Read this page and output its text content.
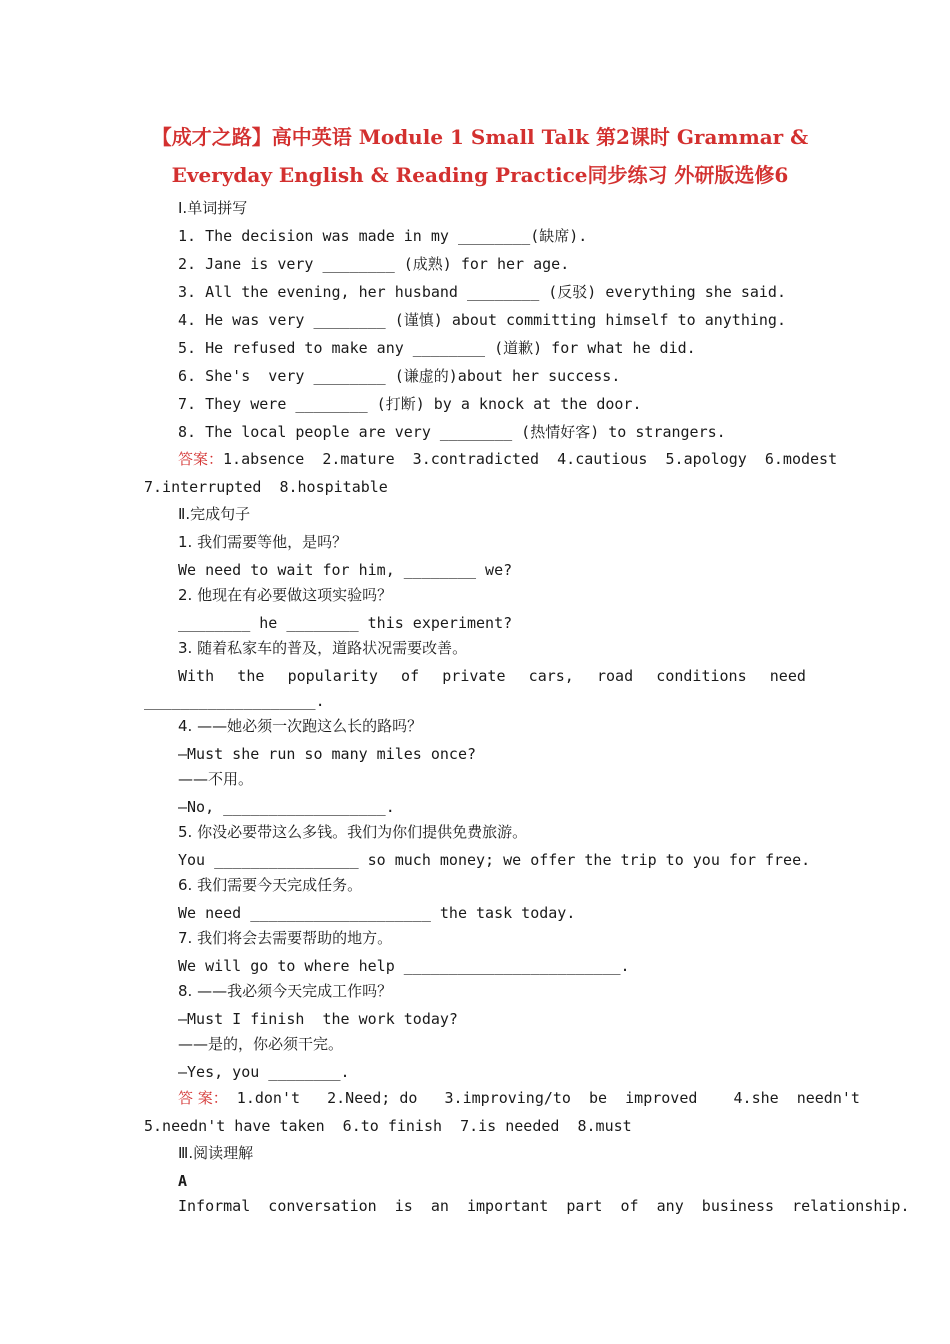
【成才之路】高中英语 Module 1 Small Talk 第2课时 Grammar & Everyday English & Reading Practice同步练习 外研版选修6
Ⅰ.单词拼写
1. The decision was made in my ________(缺席).
2. Jane is very ________ (成熟) for her age.
3. All the evening, her husband ________ (反驳) everything she said.
4. He was very ________ (谨慎) about committing himself to anything.
5. He refused to make any ________ (道歉) for what he did.
6. She's  very ________ (谦虚的)about her success.
7. They were ________ (打断) by a knock at the door.
8. The local people are very ________ (热情好客) to strangers.
答案：1.absence  2.mature  3.contradicted  4.cautious  5.apology  6.modest
7.interrupted  8.hospitable
Ⅱ.完成句子
1. 我们需要等他，是吗？
We need to wait for him, ________ we?
2. 他现在有必要做这项实验吗？
________ he ________ this experiment?
3. 随着私家车的普及，道路状况需要改善。
With the popularity of private cars, road conditions need
___________________.
4. ——她必须一次跑这么长的路吗？
—Must she run so many miles once?
——不用。
—No, __________________.
5. 你没必要带这么多钱。我们为你们提供免费旅游。
You ________________ so much money; we offer the trip to you for free.
6. 我们需要今天完成任务。
We need ____________________ the task today.
7. 我们将会去需要帮助的地方。
We will go to where help ________________________.
8. ——我必须今天完成工作吗？
—Must I finish  the work today?
——是的，你必须干完。
—Yes, you ________.
答 案： 1.don't   2.Need; do   3.improving/to  be  improved    4.she  needn't
5.needn't have taken  6.to finish  7.is needed  8.must
Ⅲ.阅读理解
A
Informal  conversation  is  an  important  part  of  any  business  relationship.
